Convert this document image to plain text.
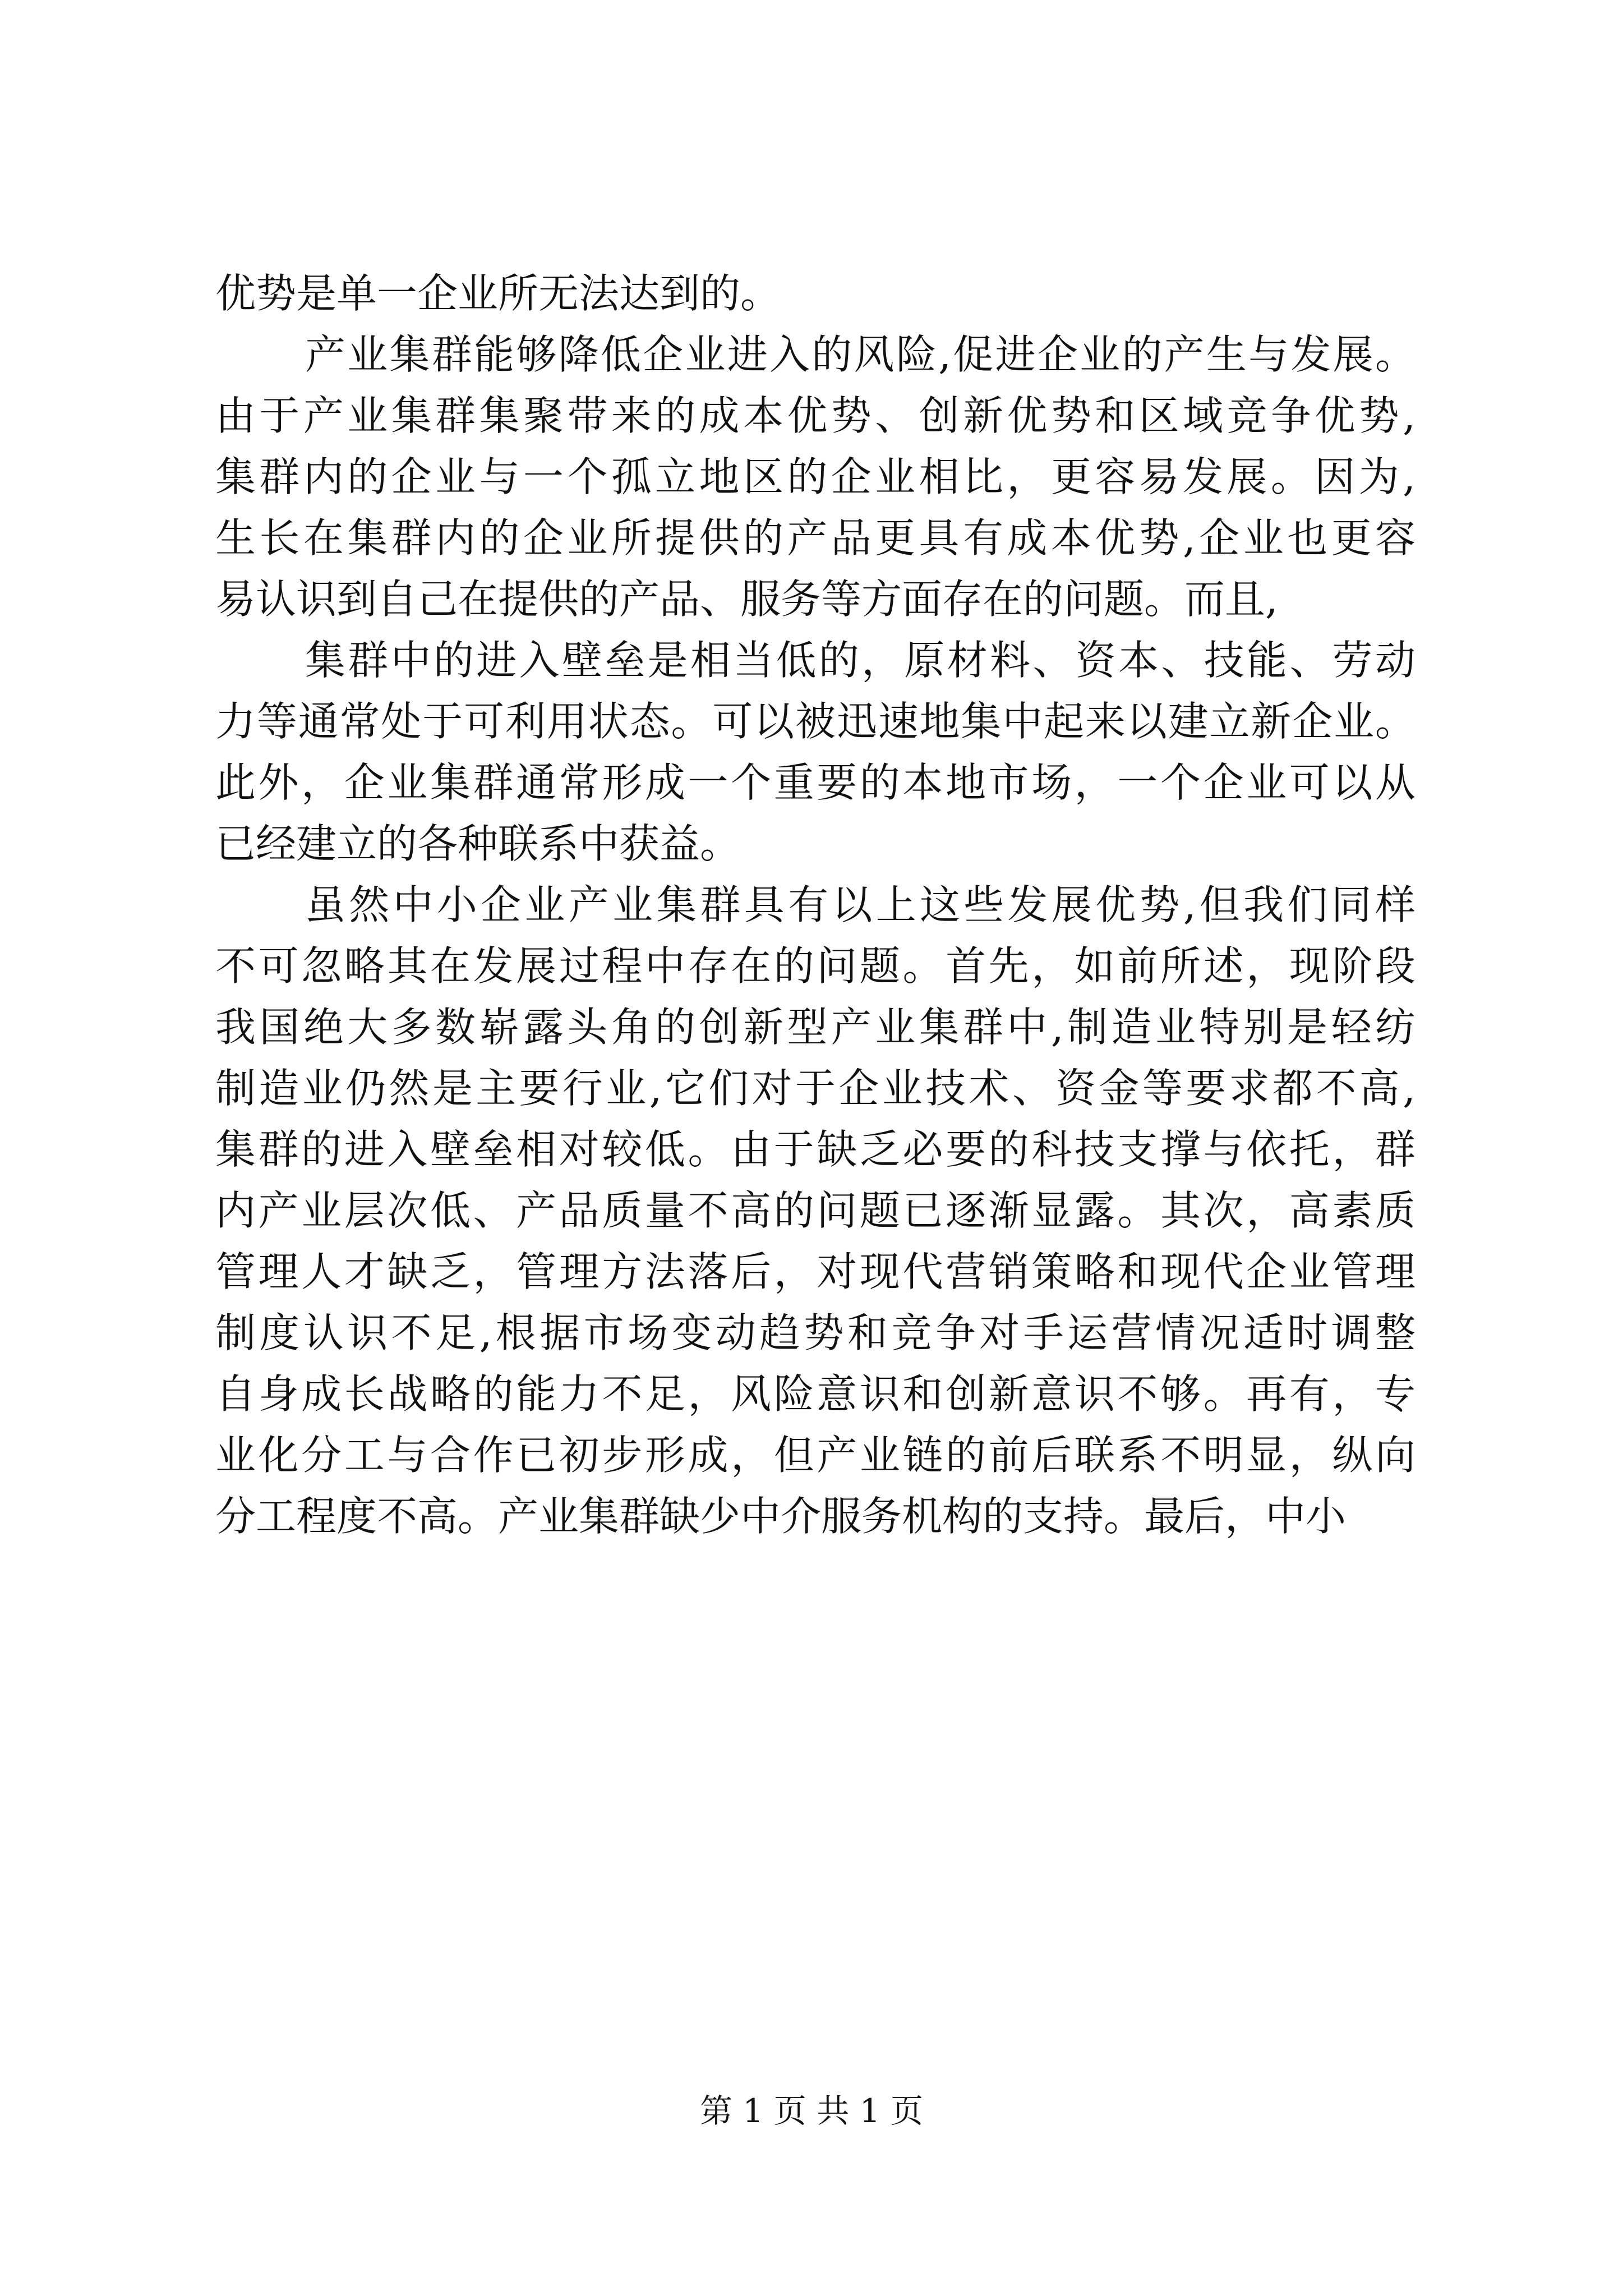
优势是单一企业所无法达到的。
产业集群能够降低企业进入的风险,促进企业的产生与发展。
由于产业集群集聚带来的成本优势、创新优势和区域竞争优势,
集群内的企业与一个孤立地区的企业相比，更容易发展。因为,
生长在集群内的企业所提供的产品更具有成本优势,企业也更容
易认识到自己在提供的产品、服务等方面存在的问题。而且,
集群中的进入壁垒是相当低的，原材料、资本、技能、劳动
力等通常处于可利用状态。可以被迅速地集中起来以建立新企业。
此外，企业集群通常形成一个重要的本地市场，一个企业可以从
已经建立的各种联系中获益。
虽然中小企业产业集群具有以上这些发展优势,但我们同样
不可忽略其在发展过程中存在的问题。首先，如前所述，现阶段
我国绝大多数崭露头角的创新型产业集群中,制造业特别是轻纺
制造业仍然是主要行业,它们对于企业技术、资金等要求都不高,
集群的进入壁垒相对较低。由于缺乏必要的科技支撑与依托，群
内产业层次低、产品质量不高的问题已逐渐显露。其次，高素质
管理人才缺乏，管理方法落后，对现代营销策略和现代企业管理
制度认识不足,根据市场变动趋势和竞争对手运营情况适时调整
自身成长战略的能力不足，风险意识和创新意识不够。再有，专
业化分工与合作已初步形成，但产业链的前后联系不明显，纵向
分工程度不高。产业集群缺少中介服务机构的支持。最后，中小
第 1 页 共 1 页
